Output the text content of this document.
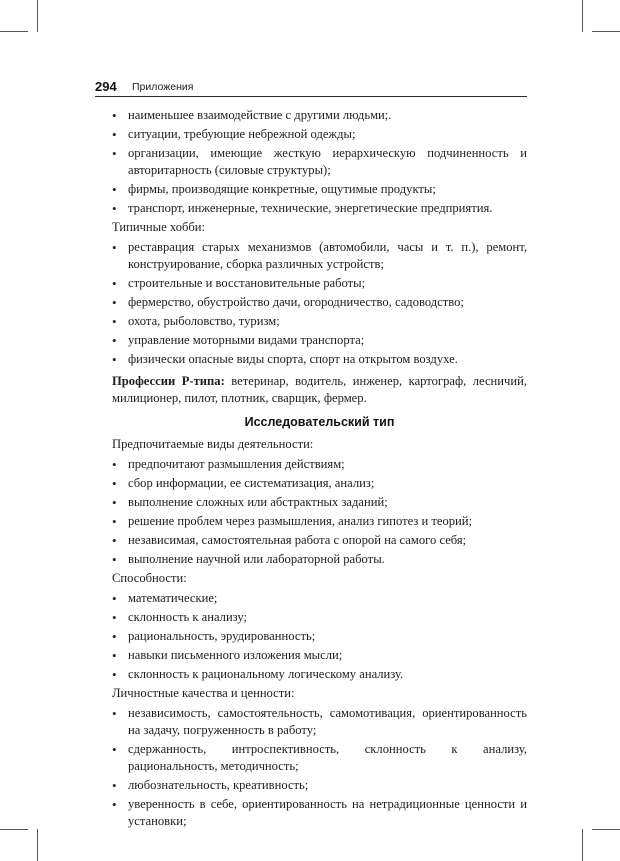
294 Приложения
• наименьшее взаимодействие с другими людьми;.
• ситуации, требующие небрежной одежды;
• организации, имеющие жесткую иерархическую подчиненность и авторитарность (силовые структуры);
• фирмы, производящие конкретные, ощутимые продукты;
• транспорт, инженерные, технические, энергетические предприятия.

Типичные хобби:

• реставрация старых механизмов (автомобили, часы и т. п.), ремонт, конструирование, сборка различных устройств;
• строительные и восстановительные работы;
• фермерство, обустройство дачи, огородничество, садоводство;
• охота, рыболовство, туризм;
• управление моторными видами транспорта;
• физически опасные виды спорта, спорт на открытом воздухе.

Профессии Р-типа: ветеринар, водитель, инженер, картограф, лесничий, милиционер, пилот, плотник, сварщик, фермер.

Исследовательский тип

Предпочитаемые виды деятельности:

• предпочитают размышления действиям;
• сбор информации, ее систематизация, анализ;
• выполнение сложных или абстрактных заданий;
• решение проблем через размышления, анализ гипотез и теорий;
• независимая, самостоятельная работа с опорой на самого себя;
• выполнение научной или лабораторной работы.

Способности:

• математические;
• склонность к анализу;
• рациональность, эрудированность;
• навыки письменного изложения мысли;
• склонность к рациональному логическому анализу.

Личностные качества и ценности:

• независимость, самостоятельность, самомотивация, ориентированность на задачу, погруженность в работу;
• сдержанность, интроспективность, склонность к анализу, рациональность, методичность;
• любознательность, креативность;
• уверенность в себе, ориентированность на нетрадиционные ценности и установки;
